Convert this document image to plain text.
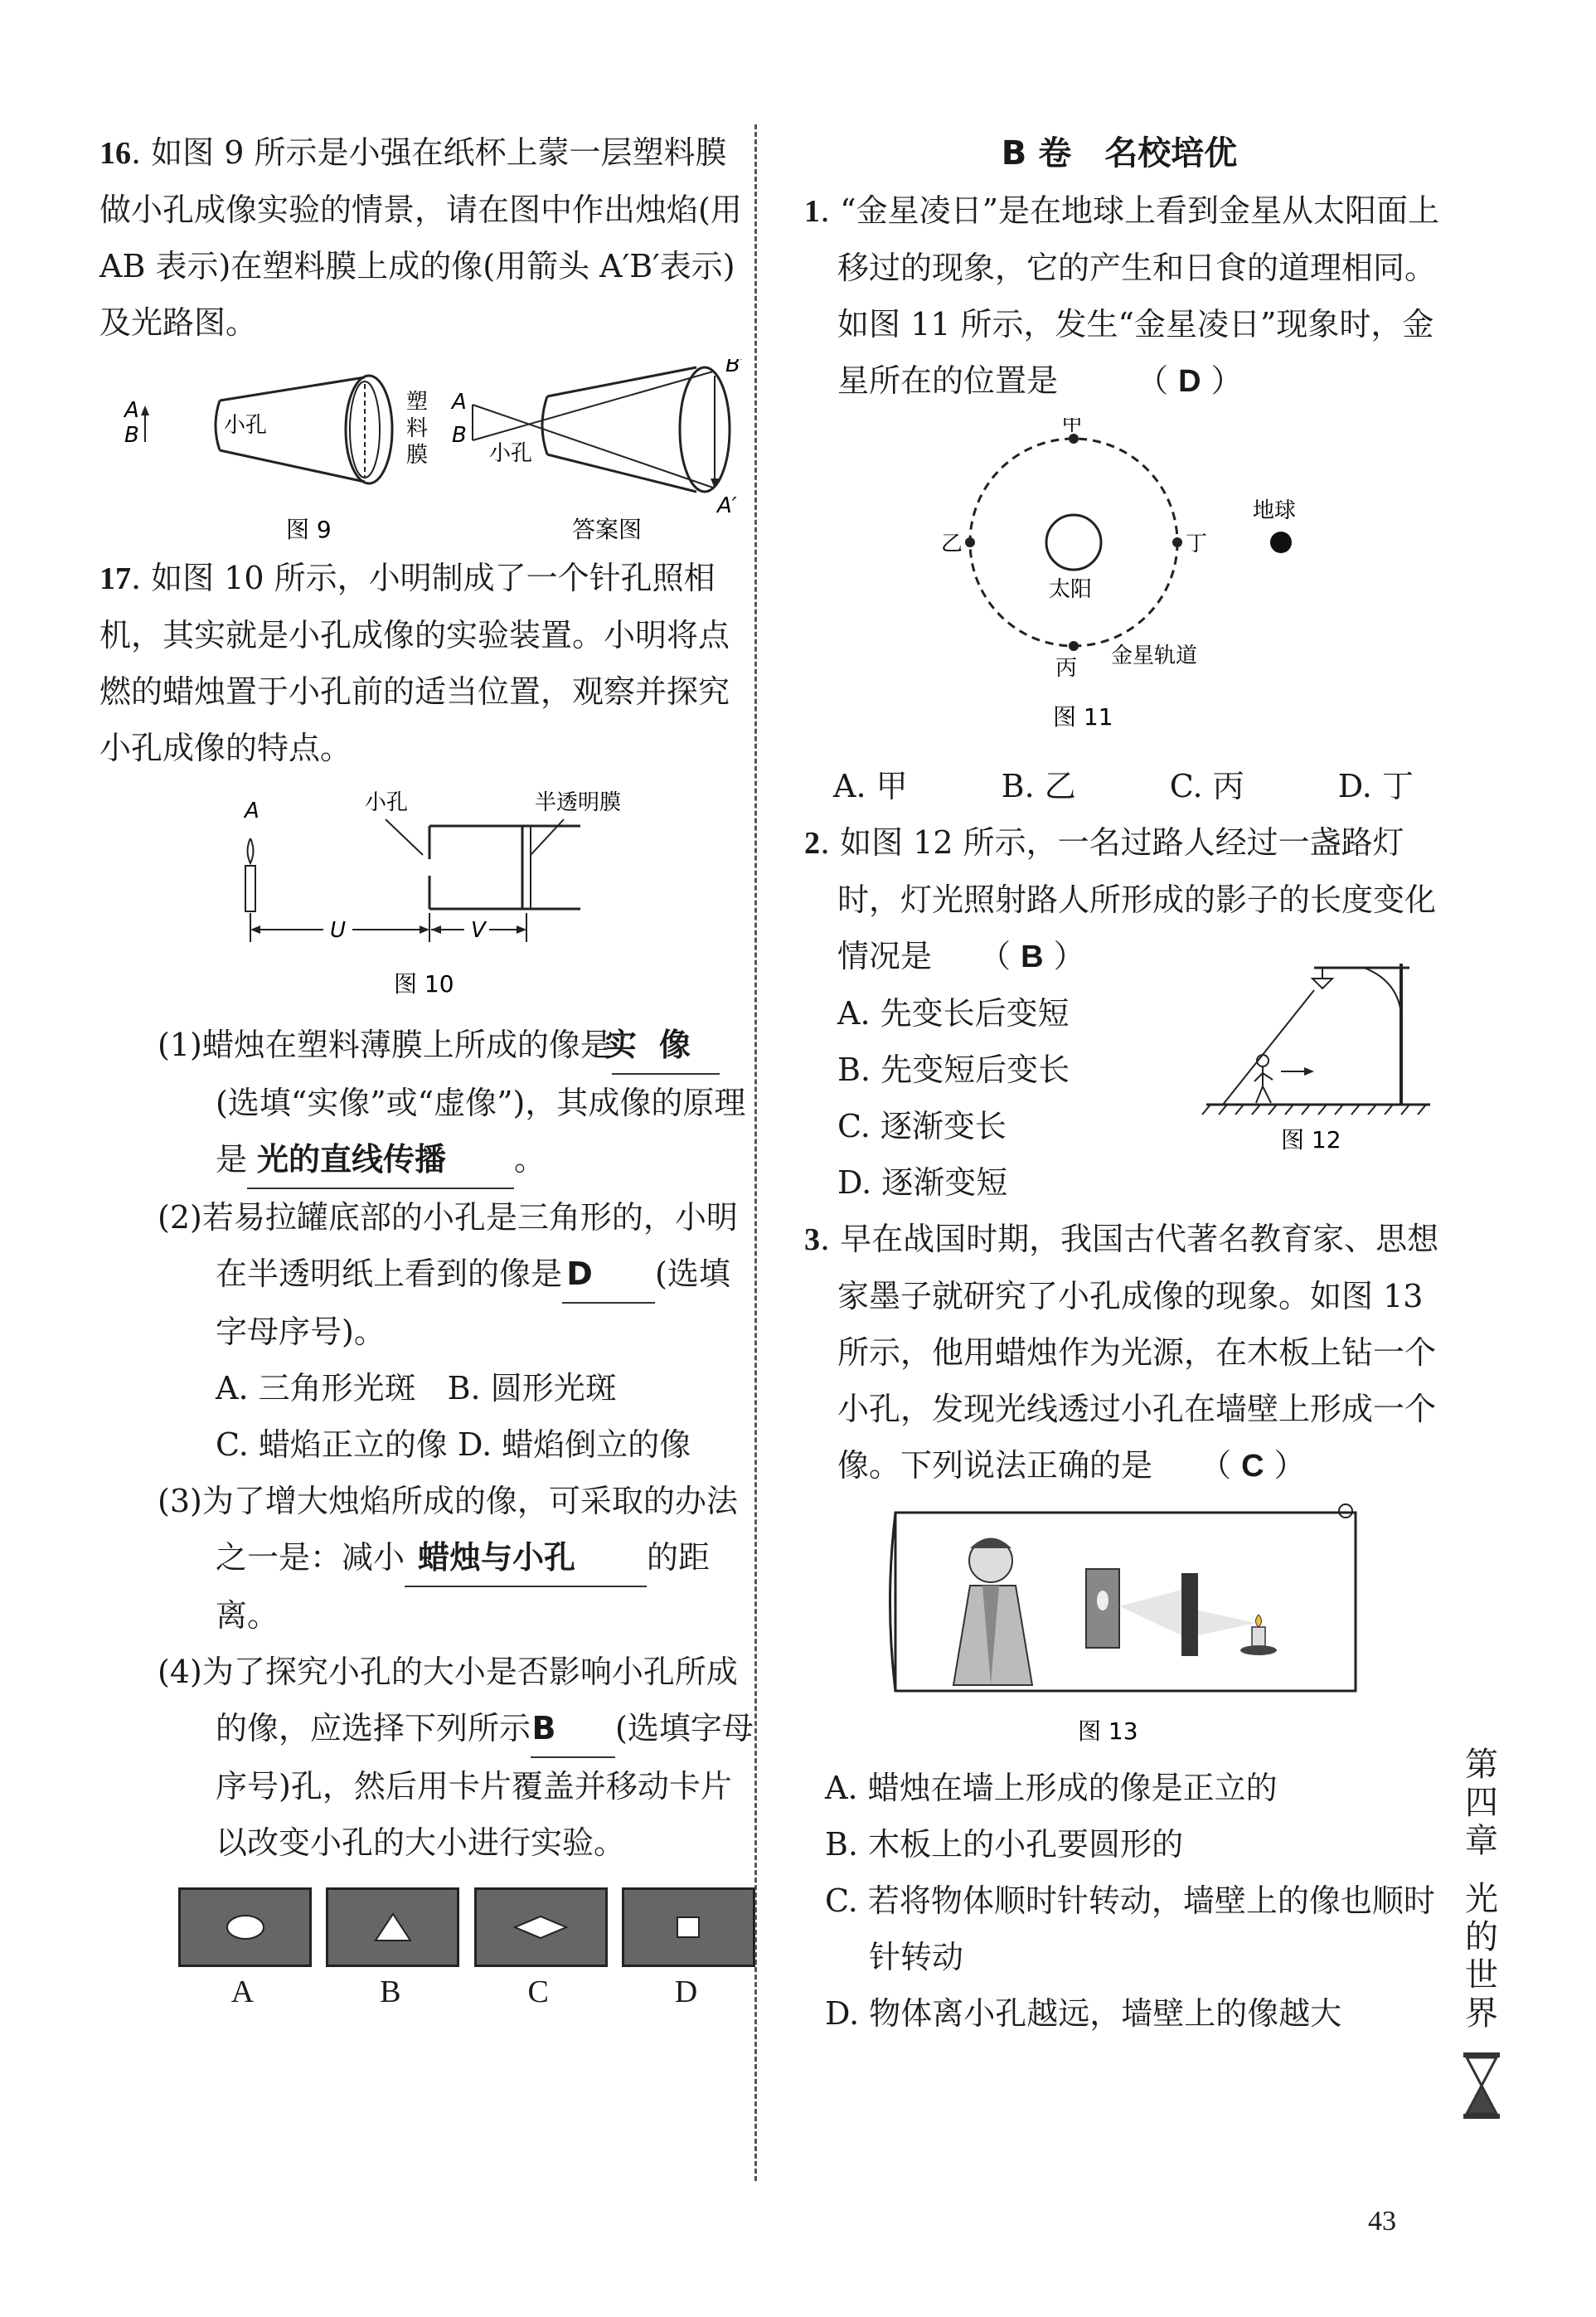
16. 如图 9 所示是小强在纸杯上蒙一层塑料膜做小孔成像实验的情景，请在图中作出烛焰(用 AB 表示)在塑料膜上成的像(用箭头 A′B′表示)及光路图。

A
B	小孔
塑
料
膜
A
B
小孔
B′
A′
图 9	答案图

17. 如图 10 所示，小明制成了一个针孔照相机，其实就是小孔成像的实验装置。小明将点燃的蜡烛置于小孔前的适当位置，观察并探究小孔成像的特点。

A	小孔	半透明膜
U	V
图 10

(1)蜡烛在塑料薄膜上所成的像是实 像(选填“实像”或“虚像”)，其成像的原理是 光的直线传播 。

(2)若易拉罐底部的小孔是三角形的，小明在半透明纸上看到的像是 D (选填字母序号)。

A. 三角形光斑　 B. 圆形光斑

C. 蜡焰正立的像 D. 蜡焰倒立的像

(3)为了增大烛焰所成的像，可采取的办法之一是：减小 蜡烛与小孔 的距离。

(4)为了探究小孔的大小是否影响小孔所成的像，应选择下列所示B (选填字母序号)孔，然后用卡片覆盖并移动卡片以改变小孔的大小进行实验。

A	B	C	D
B 卷　名校培优

1. “金星凌日”是在地球上看到金星从太阳面上移过的现象，它的产生和日食的道理相同。如图 11 所示，发生“金星凌日”现象时，金星所在的位置是　　　（ D ）

太阳
甲
乙
丙
丁
地球
金星轨道
图 11
A. 甲	B. 乙	C. 丙	D. 丁

2. 如图 12 所示，一名过路人经过一盏路灯时，灯光照射路人所形成的影子的长度变化情况是　　（ B ）

A. 先变长后变短

B. 先变短后变长

C. 逐渐变长

D. 逐渐变短

图 12

3. 早在战国时期，我国古代著名教育家、思想家墨子就研究了小孔成像的现象。如图 13 所示，他用蜡烛作为光源，在木板上钻一个小孔，发现光线透过小孔在墙壁上形成一个像。下列说法正确的是　　（ C ）

图 13

A. 蜡烛在墙上形成的像是正立的

B. 木板上的小孔要圆形的

C. 若将物体顺时针转动，墙壁上的像也顺时针转动

D. 物体离小孔越远，墙壁上的像越大

第
四
章
光
的
世
界
43
